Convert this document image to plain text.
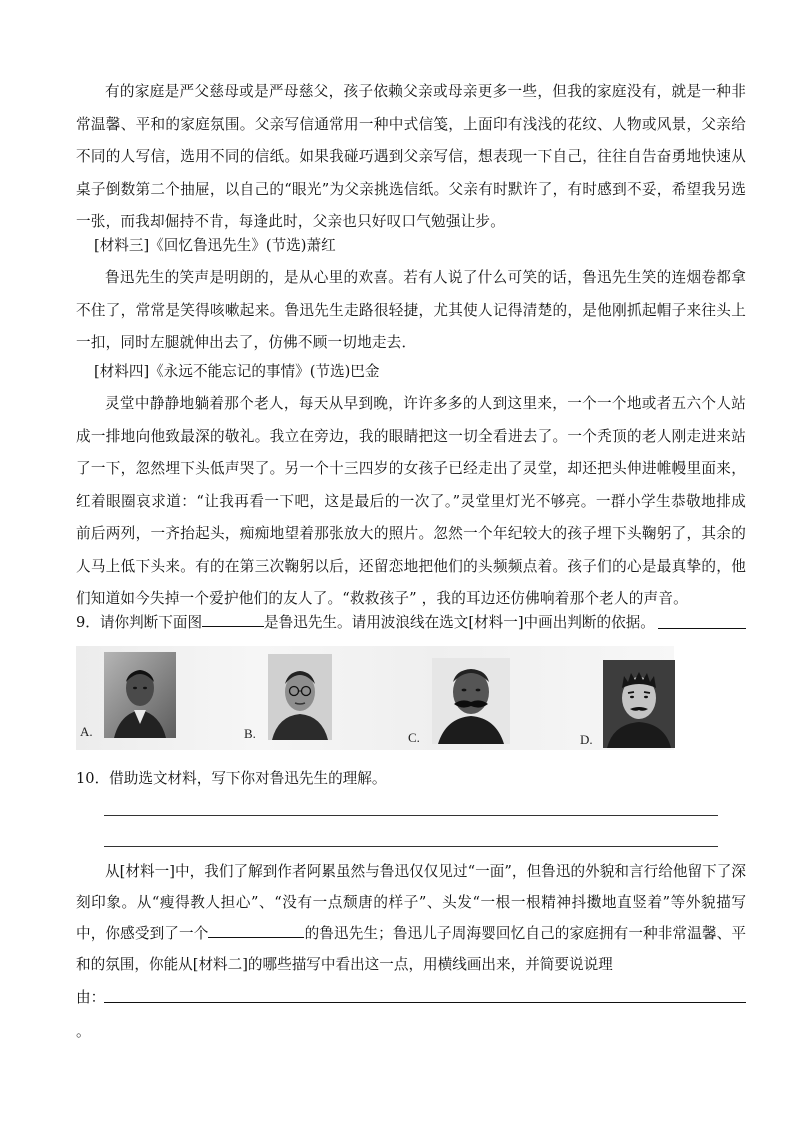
有的家庭是严父慈母或是严母慈父，孩子依赖父亲或母亲更多一些，但我的家庭没有，就是一种非常温馨、平和的家庭氛围。父亲写信通常用一种中式信笺，上面印有浅浅的花纹、人物或风景，父亲给不同的人写信，选用不同的信纸。如果我碰巧遇到父亲写信，想表现一下自己，往往自告奋勇地快速从桌子倒数第二个抽屉，以自己的“眼光”为父亲挑选信纸。父亲有时默许了，有时感到不妥，希望我另选一张，而我却倔持不肯，每逢此时，父亲也只好叹口气勉强让步。

[材料三]《回忆鲁迅先生》(节选)萧红

鲁迅先生的笑声是明朗的，是从心里的欢喜。若有人说了什么可笑的话，鲁迅先生笑的连烟卷都拿不住了，常常是笑得咳嗽起来。鲁迅先生走路很轻捷，尤其使人记得清楚的，是他刚抓起帽子来往头上一扣，同时左腿就伸出去了，仿佛不顾一切地走去．

[材料四]《永远不能忘记的事情》(节选)巴金

灵堂中静静地躺着那个老人，每天从早到晚，许许多多的人到这里来，一个一个地或者五六个人站成一排地向他致最深的敬礼。我立在旁边，我的眼睛把这一切全看进去了。一个秃顶的老人刚走进来站了一下，忽然埋下头低声哭了。另一个十三四岁的女孩子已经走出了灵堂，却还把头伸进帷幔里面来，红着眼圈哀求道：“让我再看一下吧，这是最后的一次了。”灵堂里灯光不够亮。一群小学生恭敬地排成前后两列，一齐抬起头，痴痴地望着那张放大的照片。忽然一个年纪较大的孩子埋下头鞠躬了，其余的人马上低下头来。有的在第三次鞠躬以后，还留恋地把他们的头频频点着。孩子们的心是最真挚的，他们知道如今失掉一个爱护他们的友人了。“救救孩子” ，我的耳边还仿佛响着那个老人的声音。

9．请你判断下面图	是鲁迅先生。请用波浪线在选文[材料一]中画出判断的依据。
A.	B.	C.	D.
10．借助选文材料，写下你对鲁迅先生的理解。

从[材料一]中，我们了解到作者阿累虽然与鲁迅仅仅见过“一面”，但鲁迅的外貌和言行给他留下了深刻印象。从“瘦得教人担心”、“没有一点颓唐的样子”、头发“一根一根精神抖擞地直竖着”等外貌描写中，你感受到了一个	的鲁迅先生；鲁迅儿子周海婴回忆自己的家庭拥有一种非常温馨、平和的氛围，你能从[材料二]的哪些描写中看出这一点，用横线画出来，并简要说说理

由：
。
